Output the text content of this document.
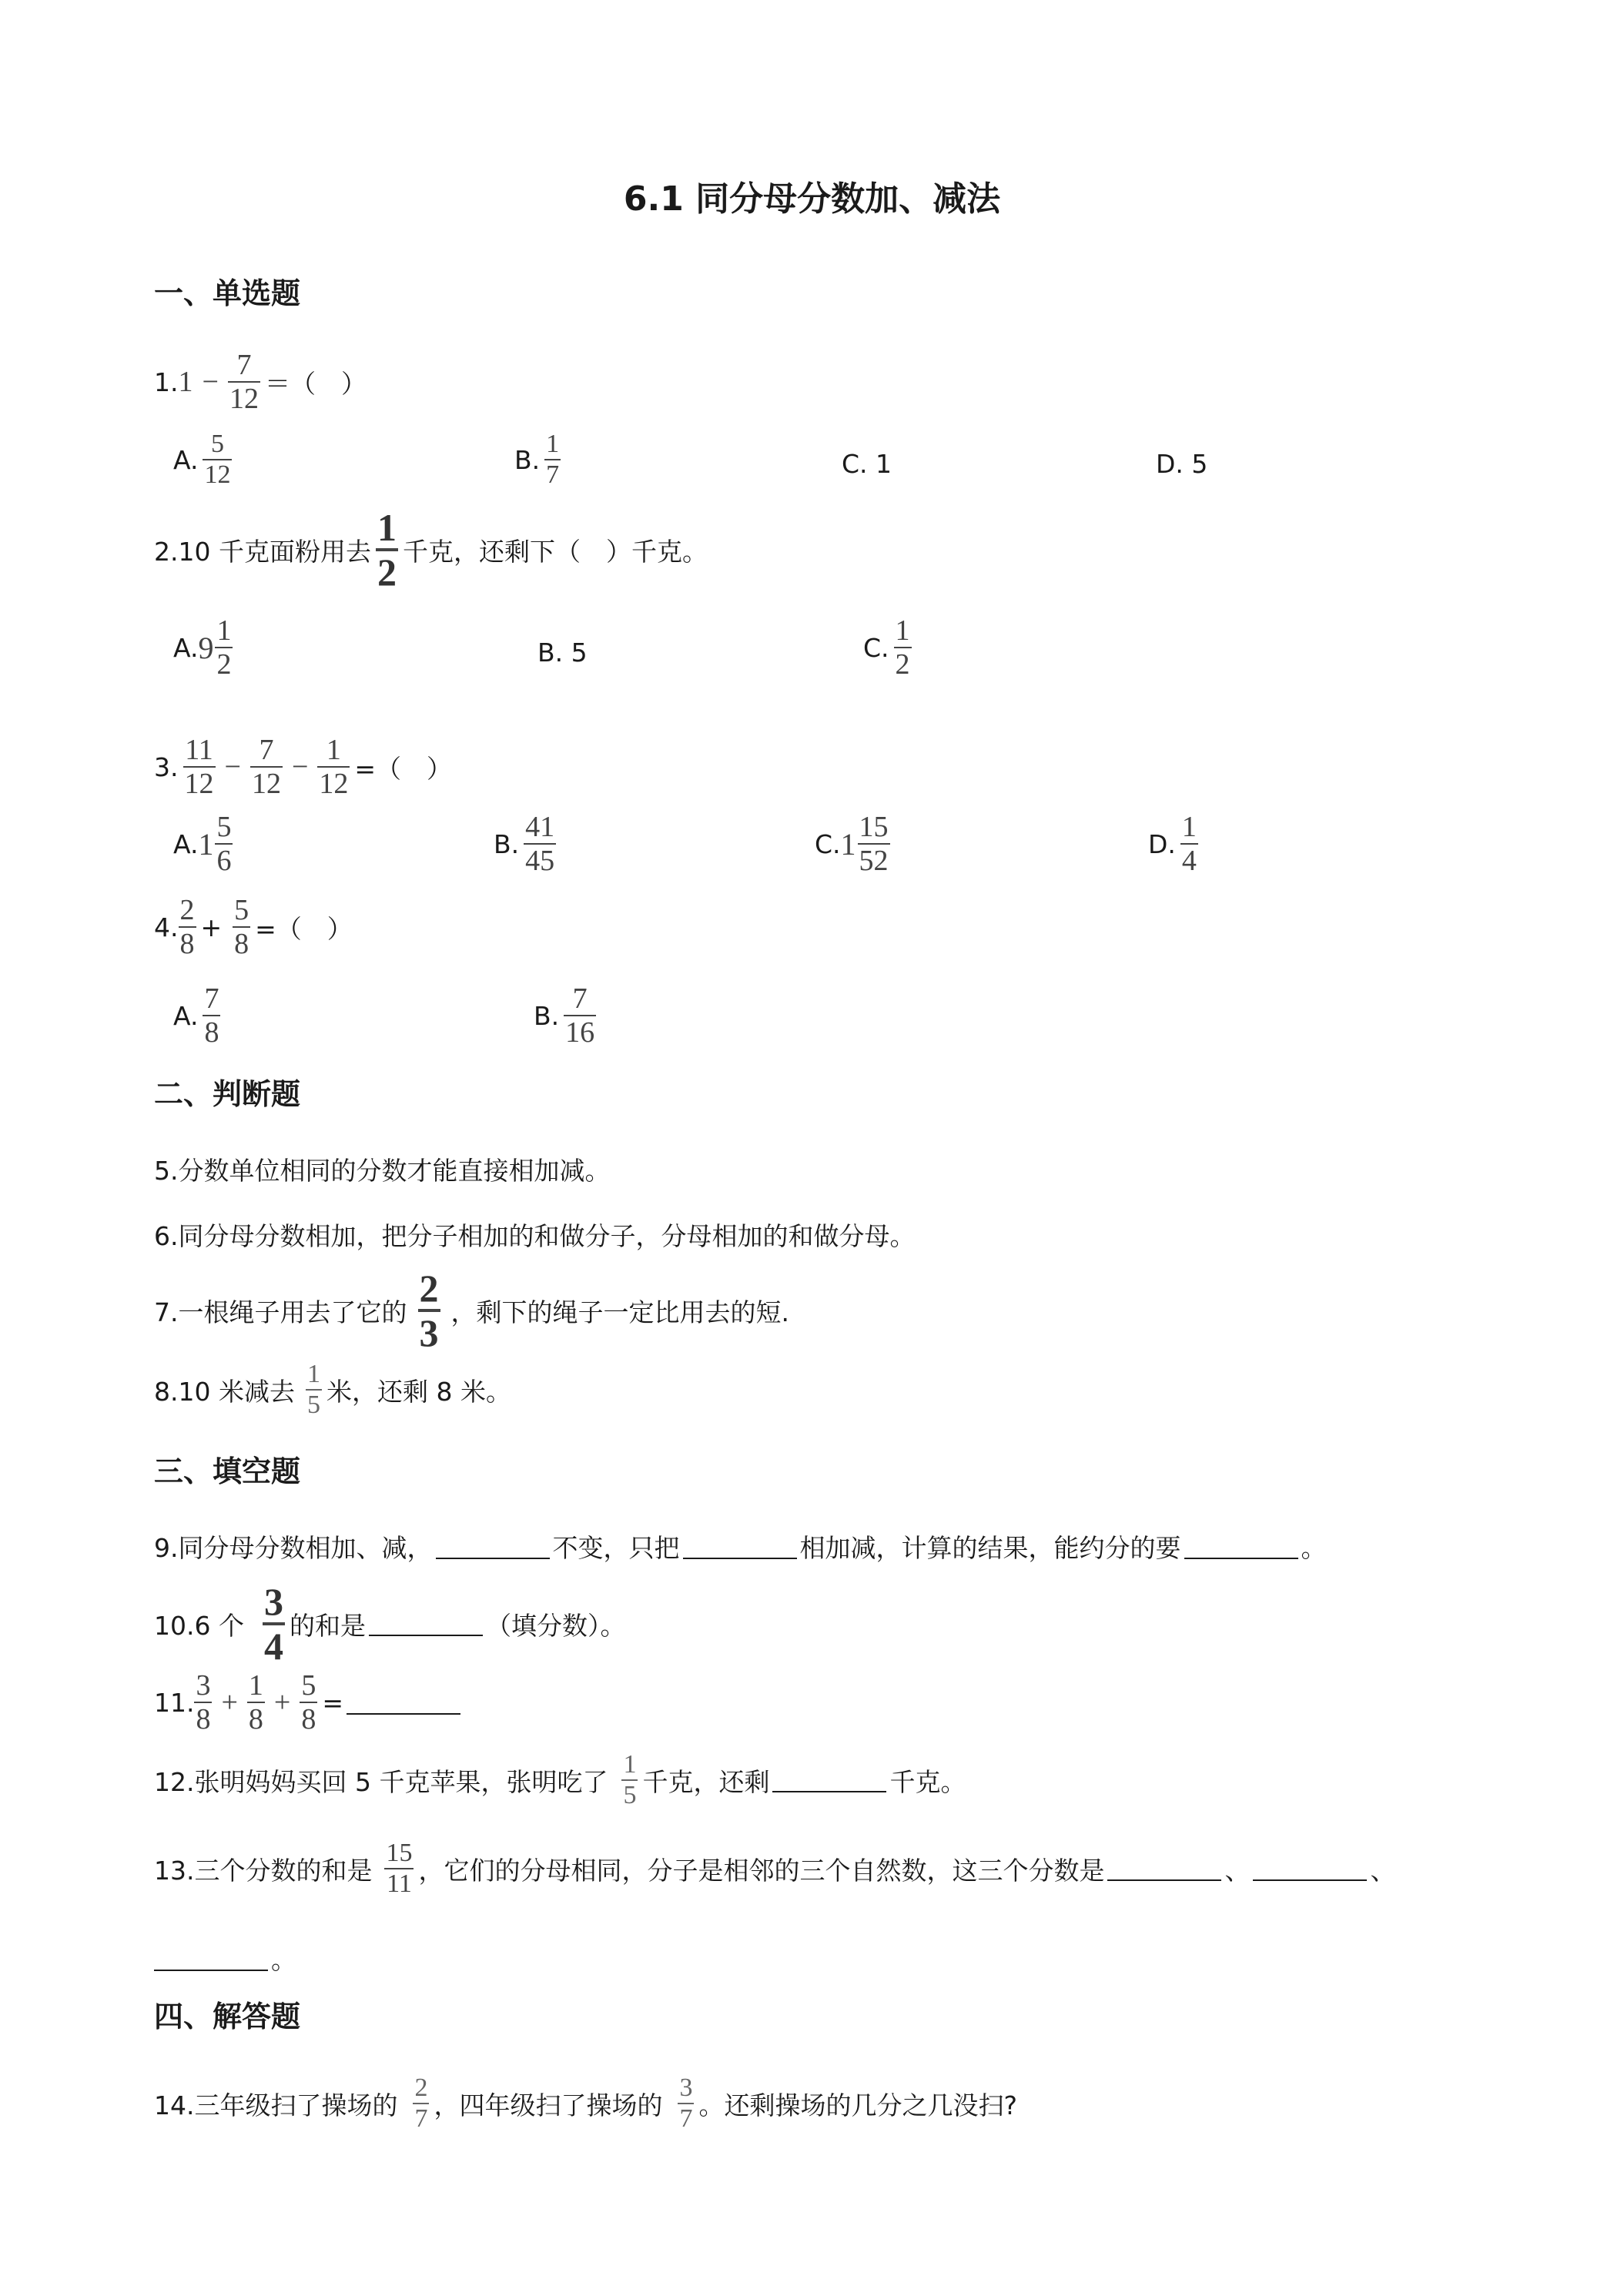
6.1 同分母分数加、减法
一、单选题
1. $1 - \frac{7}{12}$ ＝（　）
A. $\frac{5}{12}$	B. $\frac{1}{7}$	C. 1	D. 5
2.10 千克面粉用去 $\frac{1}{2}$ 千克，还剩下（　）千克。
A. $9 \frac{1}{2}$	B. 5	C. $\frac{1}{2}$
3. $\frac{11}{12} - \frac{7}{12} - \frac{1}{12}$ =（　）
A. $1 \frac{5}{6}$	B. $\frac{41}{45}$	C. $1 \frac{15}{52}$	D. $\frac{1}{4}$
4. $\frac{2}{8} + \frac{5}{8}$ =（　）
A. $\frac{7}{8}$	B. $\frac{7}{16}$
二、判断题
5.分数单位相同的分数才能直接相加减。
6.同分母分数相加，把分子相加的和做分子，分母相加的和做分母。
7.一根绳子用去了它的 $\frac{2}{3}$ ，剩下的绳子一定比用去的短.
8.10 米减去 $\frac{1}{5}$ 米，还剩 8 米。
三、填空题
9.同分母分数相加、减，	不变，只把	相加减，计算的结果，能约分的要	。
10.6 个 $\frac{3}{4}$ 的和是	（填分数）。
11. $\frac{3}{8} + \frac{1}{8} + \frac{5}{8}$ =
12.张明妈妈买回 5 千克苹果，张明吃了 $\frac{1}{5}$ 千克，还剩	千克。
13.三个分数的和是 $\frac{15}{11}$ ，它们的分母相同，分子是相邻的三个自然数，这三个分数是	、	、
。
四、解答题
14.三年级扫了操场的 $\frac{2}{7}$ ，四年级扫了操场的 $\frac{3}{7}$ 。还剩操场的几分之几没扫?
